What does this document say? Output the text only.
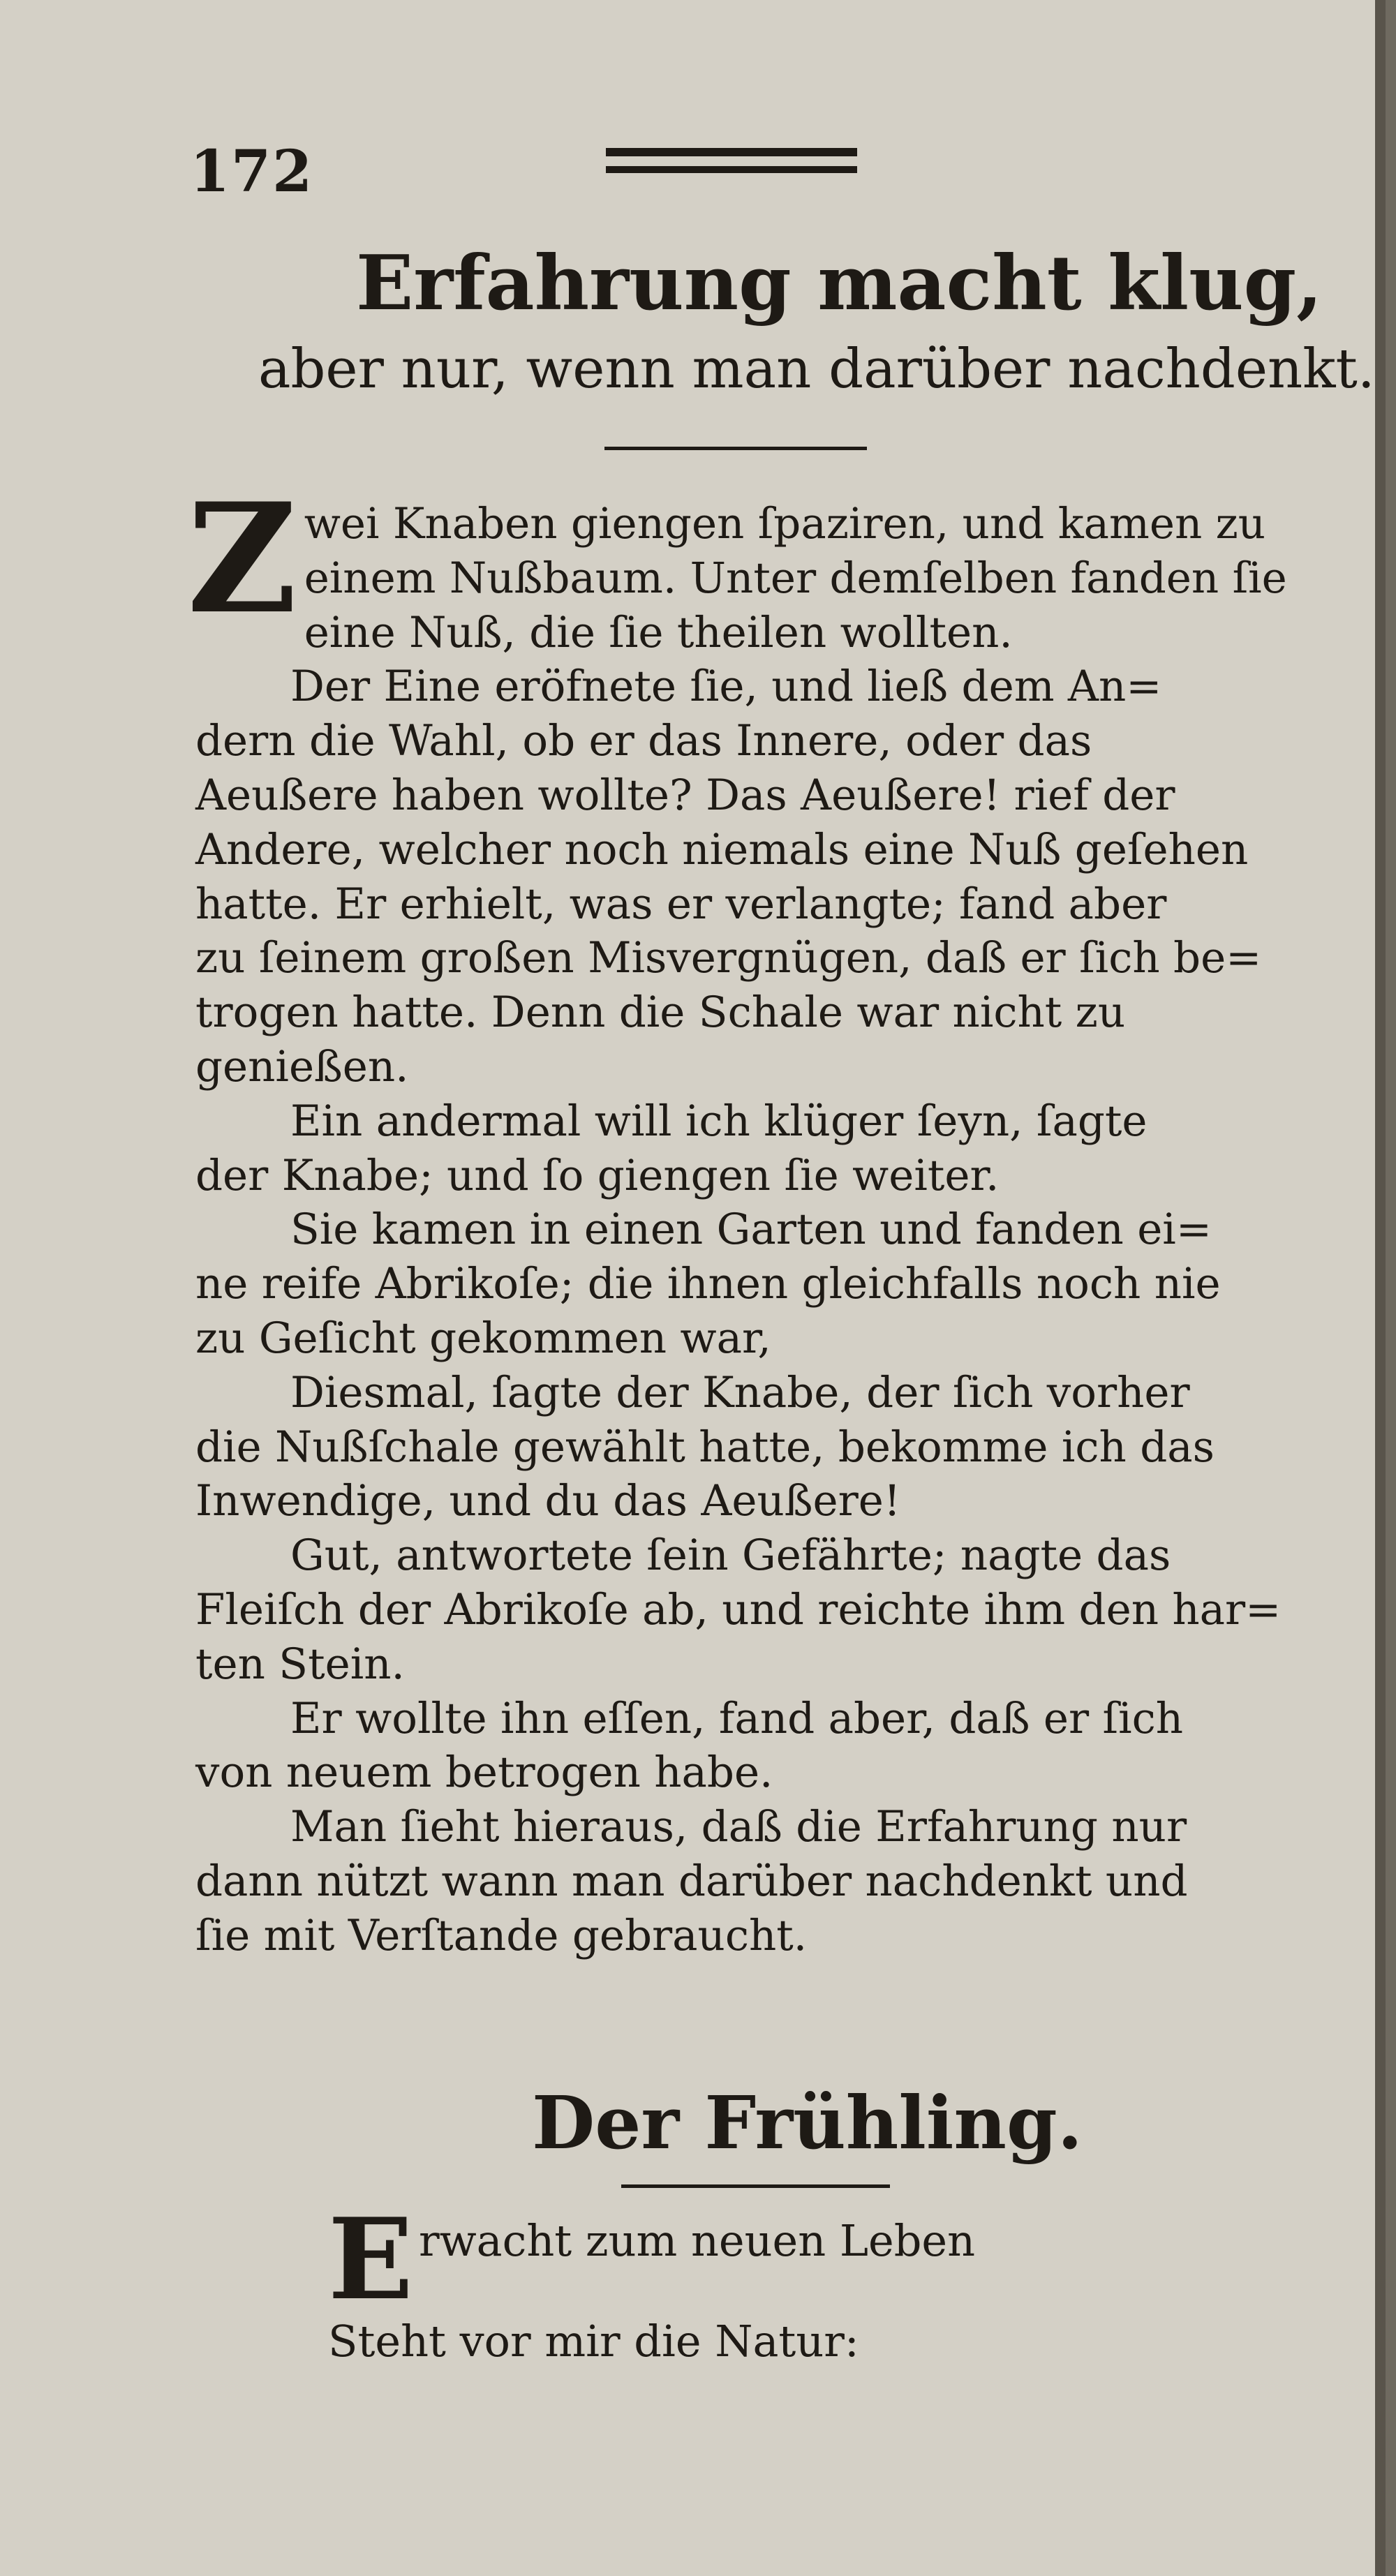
172
Erfahrung macht klug,
aber nur, wenn man darüber nachdenkt.
Z wei Knaben giengen ſpaziren, und kamen zu
einem Nußbaum. Unter demſelben fanden ſie
eine Nuß, die ſie theilen wollten.
Der Eine eröfnete ſie, und ließ dem An=
dern die Wahl, ob er das Innere, oder das
Aeußere haben wollte? Das Aeußere! rief der
Andere, welcher noch niemals eine Nuß geſehen
hatte. Er erhielt, was er verlangte; fand aber
zu ſeinem großen Misvergnügen, daß er ſich be=
trogen hatte. Denn die Schale war nicht zu
genießen.
Ein andermal will ich klüger ſeyn, ſagte
der Knabe; und ſo giengen ſie weiter.
Sie kamen in einen Garten und fanden ei=
ne reife Abrikoſe; die ihnen gleichfalls noch nie
zu Geſicht gekommen war,
Diesmal, ſagte der Knabe, der ſich vorher
die Nußſchale gewählt hatte, bekomme ich das
Inwendige, und du das Aeußere!
Gut, antwortete ſein Gefährte; nagte das
Fleiſch der Abrikoſe ab, und reichte ihm den har=
ten Stein.
Er wollte ihn eſſen, fand aber, daß er ſich
von neuem betrogen habe.
Man ſieht hieraus, daß die Erfahrung nur
dann nützt wann man darüber nachdenkt und
ſie mit Verſtande gebraucht.
Der Frühling.
E rwacht zum neuen Leben
Steht vor mir die Natur:
